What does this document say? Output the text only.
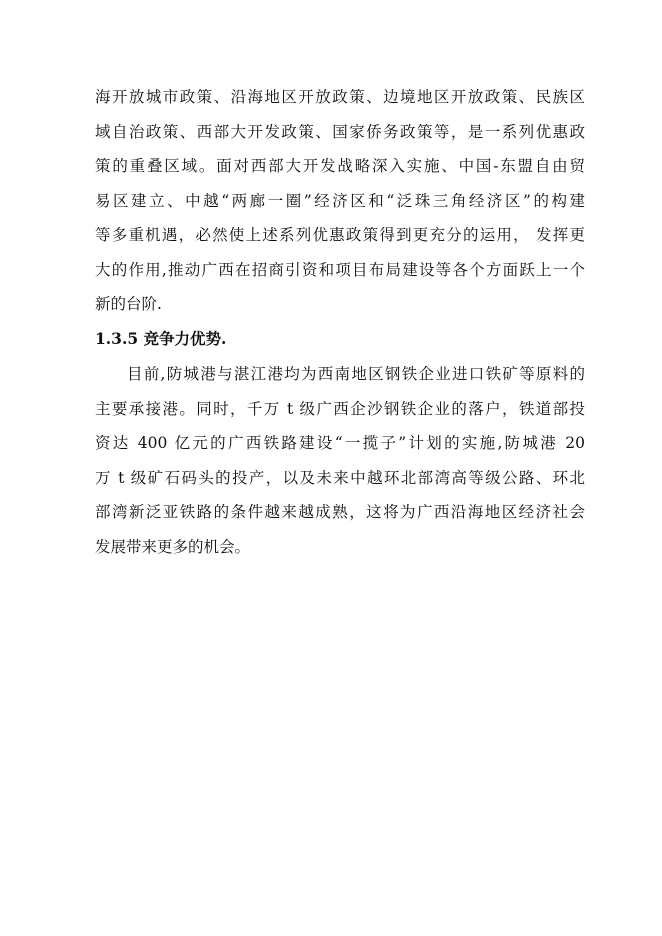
海开放城市政策、沿海地区开放政策、边境地区开放政策、民族区
域自治政策、西部大开发政策、国家侨务政策等，是一系列优惠政
策的重叠区域。面对西部大开发战略深入实施、中国-东盟自由贸
易区建立、中越“两廊一圈”经济区和“泛珠三角经济区”的构建
等多重机遇，必然使上述系列优惠政策得到更充分的运用， 发挥更
大的作用,推动广西在招商引资和项目布局建设等各个方面跃上一个
新的台阶.
1.3.5 竞争力优势.
目前,防城港与湛江港均为西南地区钢铁企业进口铁矿等原料的
主要承接港。同时，千万 t 级广西企沙钢铁企业的落户，铁道部投
资达 400 亿元的广西铁路建设“一揽子”计划的实施,防城港 20
万 t 级矿石码头的投产，以及未来中越环北部湾高等级公路、环北
部湾新泛亚铁路的条件越来越成熟，这将为广西沿海地区经济社会
发展带来更多的机会。
